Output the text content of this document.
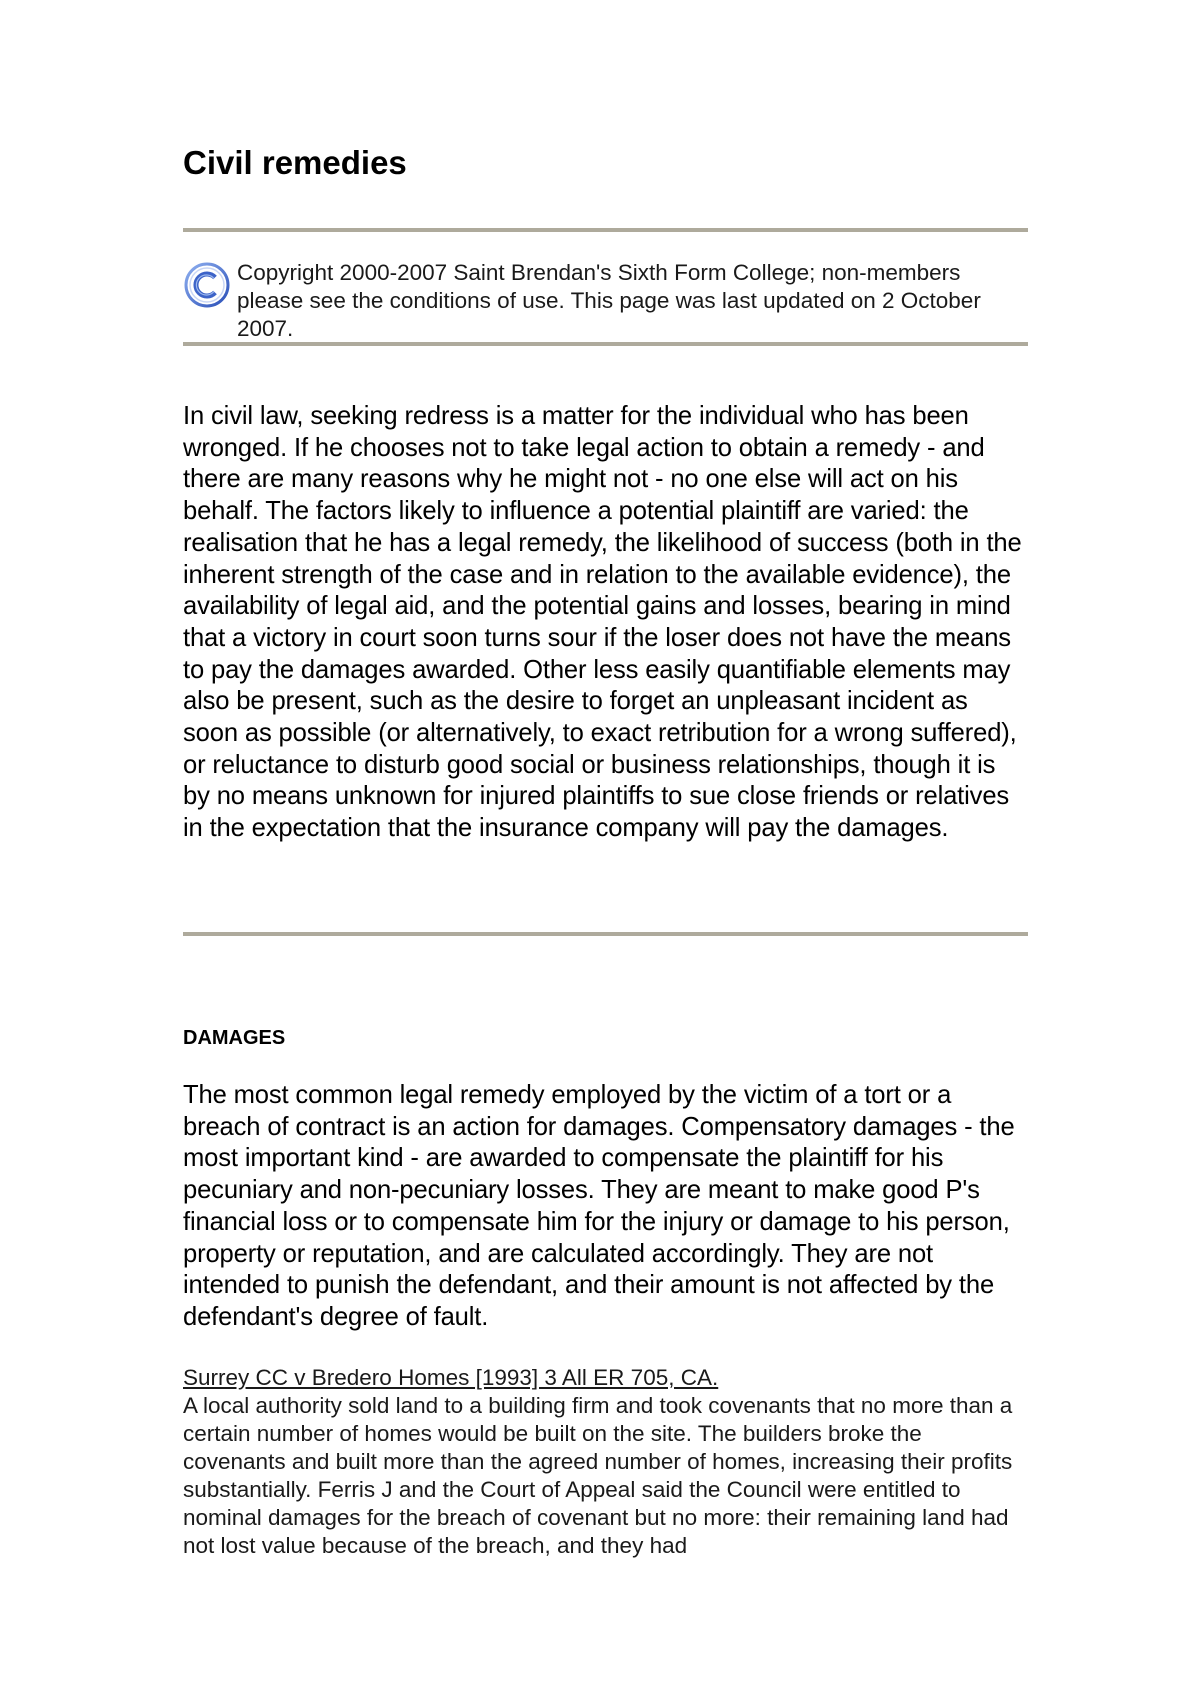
Civil remedies
Copyright 2000-2007 Saint Brendan's Sixth Form College; non-members please see the conditions of use. This page was last updated on 2 October 2007.

In civil law, seeking redress is a matter for the individual who has been wronged. If he chooses not to take legal action to obtain a remedy - and there are many reasons why he might not - no one else will act on his behalf. The factors likely to influence a potential plaintiff are varied: the realisation that he has a legal remedy, the likelihood of success (both in the inherent strength of the case and in relation to the available evidence), the availability of legal aid, and the potential gains and losses, bearing in mind that a victory in court soon turns sour if the loser does not have the means to pay the damages awarded. Other less easily quantifiable elements may also be present, such as the desire to forget an unpleasant incident as soon as possible (or alternatively, to exact retribution for a wrong suffered), or reluctance to disturb good social or business relationships, though it is by no means unknown for injured plaintiffs to sue close friends or relatives in the expectation that the insurance company will pay the damages.

DAMAGES

The most common legal remedy employed by the victim of a tort or a breach of contract is an action for damages. Compensatory damages - the most important kind - are awarded to compensate the plaintiff for his pecuniary and non-pecuniary losses. They are meant to make good P's financial loss or to compensate him for the injury or damage to his person, property or reputation, and are calculated accordingly. They are not intended to punish the defendant, and their amount is not affected by the defendant's degree of fault.

Surrey CC v Bredero Homes [1993] 3 All ER 705, CA.

A local authority sold land to a building firm and took covenants that no more than a certain number of homes would be built on the site. The builders broke the covenants and built more than the agreed number of homes, increasing their profits substantially. Ferris J and the Court of Appeal said the Council were entitled to nominal damages for the breach of covenant but no more: their remaining land had not lost value because of the breach, and they had
